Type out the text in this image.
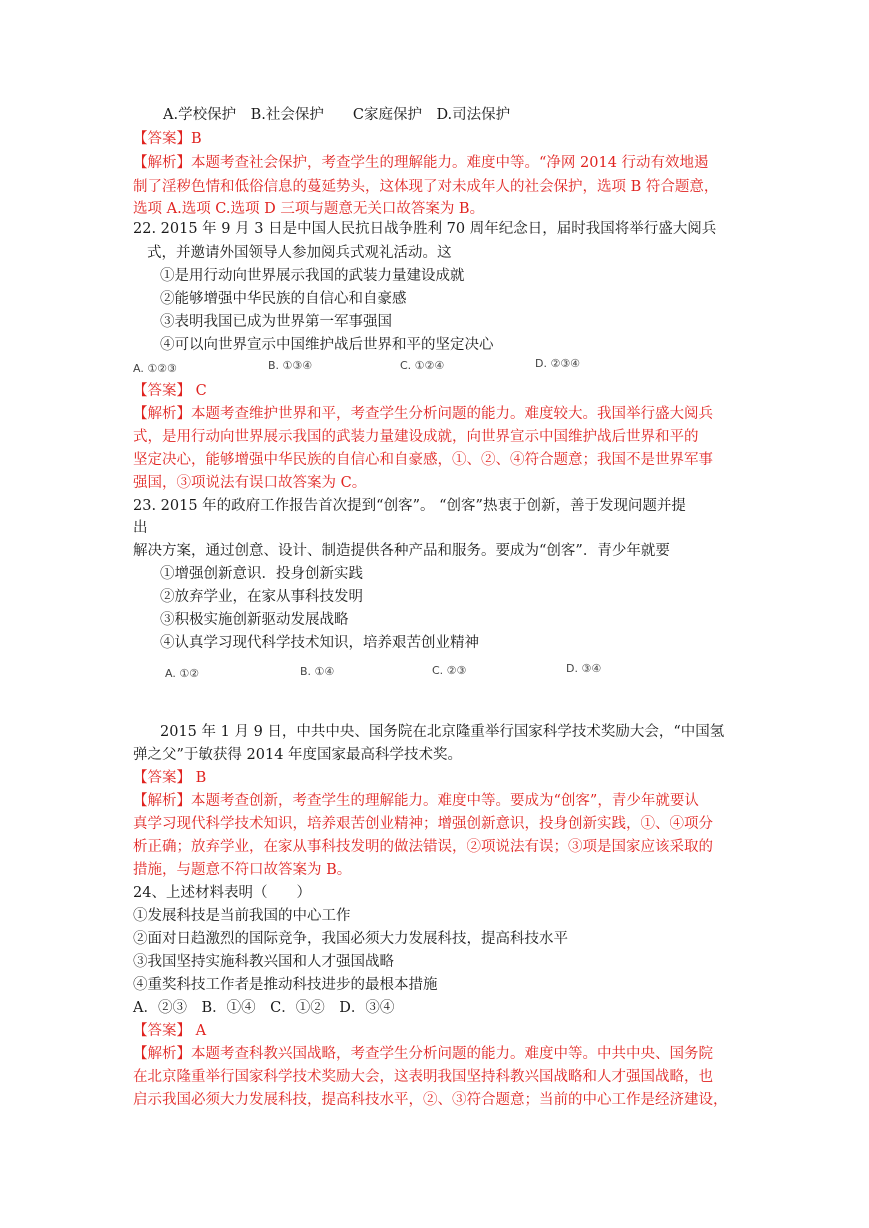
A.学校保护　B.社会保护　　C家庭保护　D.司法保护
【答案】B
【解析】本题考查社会保护，考查学生的理解能力。难度中等。“净网 2014 行动有效地遏
制了淫秽色情和低俗信息的蔓延势头，这体现了对未成年人的社会保护，选项 B 符合题意，
选项 A.选项 C.选项 D 三项与题意无关口故答案为 B。
22. 2015 年 9 月 3 日是中国人民抗日战争胜利 70 周年纪念日，届时我国将举行盛大阅兵
式，并邀请外国领导人参加阅兵式观礼活动。这
①是用行动向世界展示我国的武装力量建设成就
②能够增强中华民族的自信心和自豪感
③表明我国已成为世界第一军事强国
④可以向世界宣示中国维护战后世界和平的坚定决心
A. ①②③	B. ①③④	C. ①②④	D. ②③④
【答案】 C
【解析】本题考查维护世界和平，考查学生分析问题的能力。难度较大。我国举行盛大阅兵
式，是用行动向世界展示我国的武装力量建设成就，向世界宣示中国维护战后世界和平的
坚定决心，能够增强中华民族的自信心和自豪感，①、②、④符合题意；我国不是世界军事
强国，③项说法有误口故答案为 C。
23. 2015 年的政府工作报告首次提到“创客”。 “创客”热衷于创新，善于发现问题并提
出
解决方案，通过创意、设计、制造提供各种产品和服务。要成为“创客”．青少年就要
①增强创新意识．投身创新实践
②放弃学业，在家从事科技发明
③积极实施创新驱动发展战略
④认真学习现代科学技术知识，培养艰苦创业精神
A. ①②	B. ①④	C. ②③	D. ③④
2015 年 1 月 9 日，中共中央、国务院在北京隆重举行国家科学技术奖励大会，“中国氢
弹之父”于敏获得 2014 年度国家最高科学技术奖。
【答案】 B
【解析】本题考查创新，考查学生的理解能力。难度中等。要成为“创客”，青少年就要认
真学习现代科学技术知识，培养艰苦创业精神；增强创新意识，投身创新实践，①、④项分
析正确；放弃学业，在家从事科技发明的做法错误，②项说法有误；③项是国家应该采取的
措施，与题意不符口故答案为 B。
24、上述材料表明（　　）
①发展科技是当前我国的中心工作
②面对日趋激烈的国际竞争，我国必须大力发展科技，提高科技水平
③我国坚持实施科教兴国和人才强国战略
④重奖科技工作者是推动科技进步的最根本措施
A．②③　B．①④　C．①②　D．③④
【答案】 A
【解析】本题考查科教兴国战略，考查学生分析问题的能力。难度中等。中共中央、国务院
在北京隆重举行国家科学技术奖励大会，这表明我国坚持科教兴国战略和人才强国战略，也
启示我国必须大力发展科技，提高科技水平，②、③符合题意；当前的中心工作是经济建设，
